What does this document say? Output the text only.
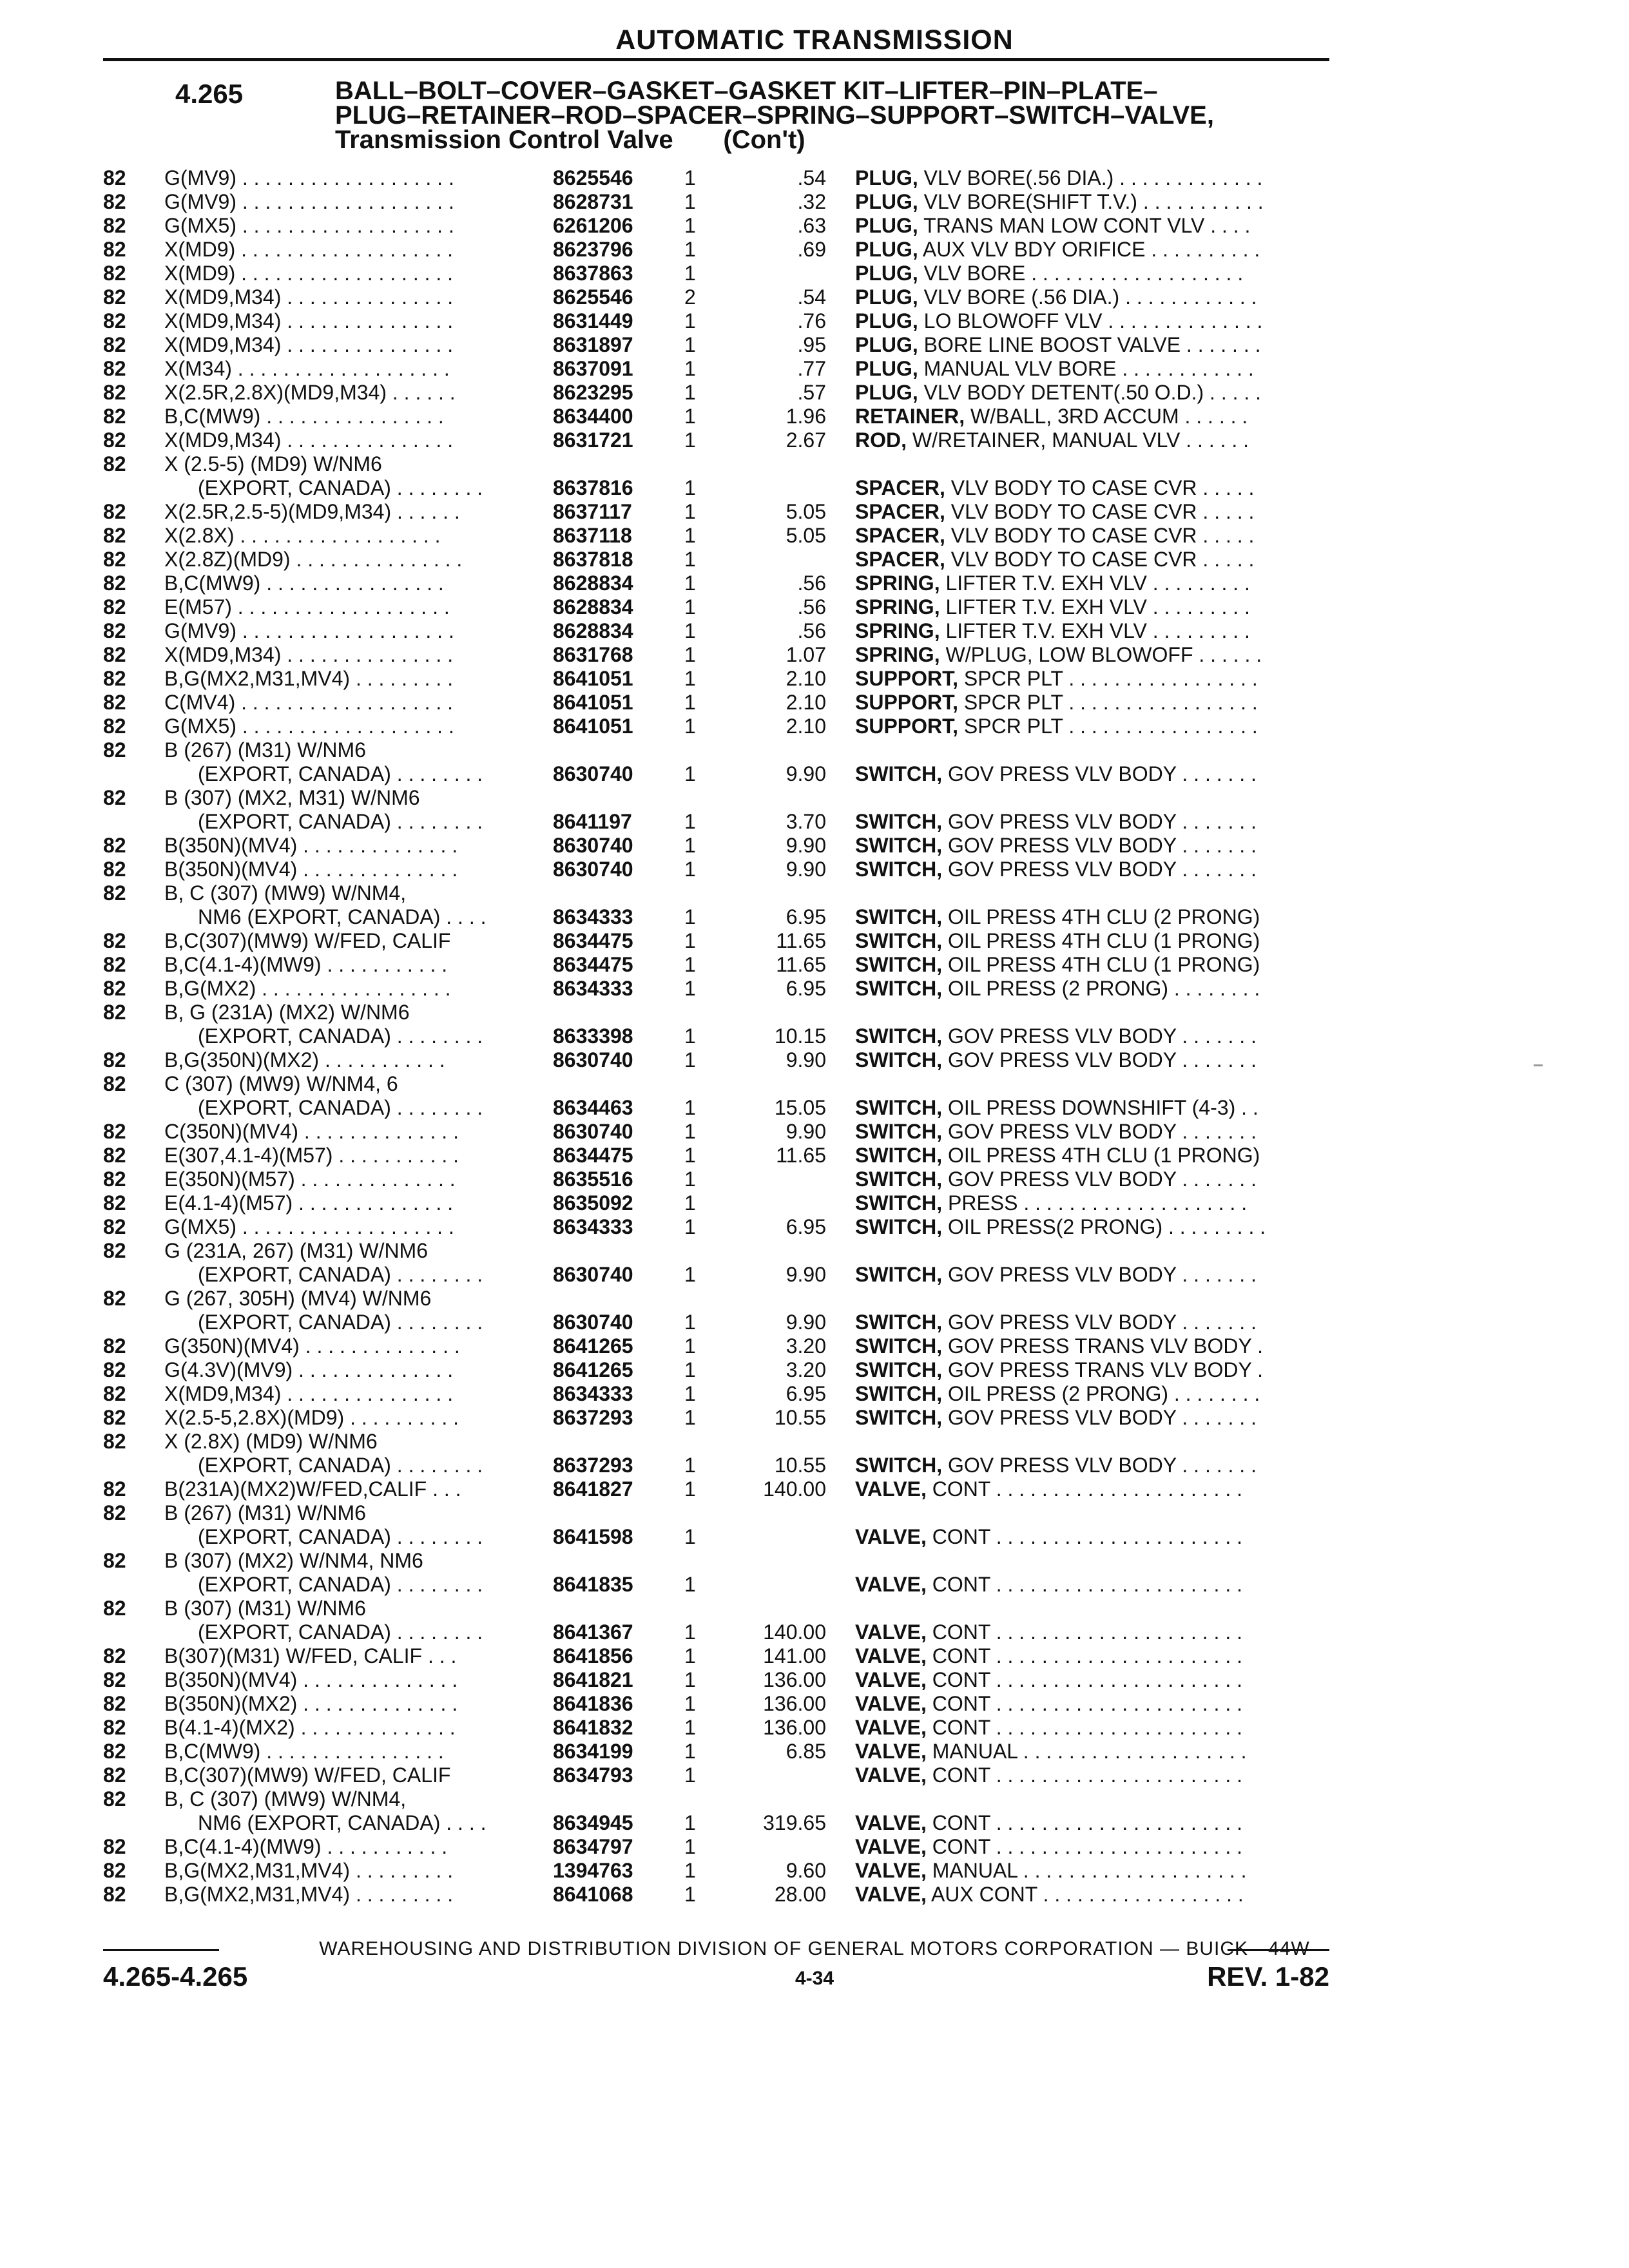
AUTOMATIC TRANSMISSION
4.265	BALL–BOLT–COVER–GASKET–GASKET KIT–LIFTER–PIN–PLATE–
PLUG–RETAINER–ROD–SPACER–SPRING–SUPPORT–SWITCH–VALVE,
Transmission Control Valve       (Con't)
82	G(MV9) . . . . . . . . . . . . . . . . . . .	8625546 1	.54 PLUG, VLV BORE(.56 DIA.) . . . . . . . . . . . . .
82	G(MV9) . . . . . . . . . . . . . . . . . . .	8628731 1	.32 PLUG, VLV BORE(SHIFT T.V.) . . . . . . . . . . .
82	G(MX5) . . . . . . . . . . . . . . . . . . .	6261206 1	.63 PLUG, TRANS MAN LOW CONT VLV . . . .
82	X(MD9) . . . . . . . . . . . . . . . . . . .	8623796 1	.69 PLUG, AUX VLV BDY ORIFICE . . . . . . . . . .
82	X(MD9) . . . . . . . . . . . . . . . . . . .	8637863 1	PLUG, VLV BORE . . . . . . . . . . . . . . . . . . .
82	X(MD9,M34) . . . . . . . . . . . . . . .	8625546 2	.54 PLUG, VLV BORE (.56 DIA.) . . . . . . . . . . . .
82	X(MD9,M34) . . . . . . . . . . . . . . .	8631449 1	.76 PLUG, LO BLOWOFF VLV . . . . . . . . . . . . . .
82	X(MD9,M34) . . . . . . . . . . . . . . .	8631897 1	.95 PLUG, BORE LINE BOOST VALVE . . . . . . .
82	X(M34) . . . . . . . . . . . . . . . . . . .	8637091 1	.77 PLUG, MANUAL VLV BORE . . . . . . . . . . . .
82	X(2.5R,2.8X)(MD9,M34) . . . . . .	8623295 1	.57 PLUG, VLV BODY DETENT(.50 O.D.) . . . . .
82	B,C(MW9) . . . . . . . . . . . . . . . .	8634400 1	1.96 RETAINER, W/BALL, 3RD ACCUM . . . . . .
82	X(MD9,M34) . . . . . . . . . . . . . . .	8631721 1	2.67 ROD, W/RETAINER, MANUAL VLV . . . . . .
82	X (2.5-5) (MD9) W/NM6
(EXPORT, CANADA) . . . . . . . .	8637816 1	SPACER, VLV BODY TO CASE CVR . . . . .
82	X(2.5R,2.5-5)(MD9,M34) . . . . . .	8637117	1	5.05 SPACER, VLV BODY TO CASE CVR . . . . .
82	X(2.8X) . . . . . . . . . . . . . . . . . .	8637118	1	5.05 SPACER, VLV BODY TO CASE CVR . . . . .
82	X(2.8Z)(MD9) . . . . . . . . . . . . . . .	8637818 1	SPACER, VLV BODY TO CASE CVR . . . . .
82	B,C(MW9) . . . . . . . . . . . . . . . .	8628834 1	.56 SPRING, LIFTER T.V. EXH VLV . . . . . . . . .
82	E(M57) . . . . . . . . . . . . . . . . . . .	8628834 1	.56 SPRING, LIFTER T.V. EXH VLV . . . . . . . . .
82	G(MV9) . . . . . . . . . . . . . . . . . . .	8628834 1	.56 SPRING, LIFTER T.V. EXH VLV . . . . . . . . .
82	X(MD9,M34) . . . . . . . . . . . . . . .	8631768 1	1.07 SPRING, W/PLUG, LOW BLOWOFF . . . . . .
82	B,G(MX2,M31,MV4) . . . . . . . . .	8641051 1	2.10 SUPPORT, SPCR PLT . . . . . . . . . . . . . . . . .
82	C(MV4) . . . . . . . . . . . . . . . . . . .	8641051 1	2.10 SUPPORT, SPCR PLT . . . . . . . . . . . . . . . . .
82	G(MX5) . . . . . . . . . . . . . . . . . . .	8641051 1	2.10 SUPPORT, SPCR PLT . . . . . . . . . . . . . . . . .
82	B (267) (M31) W/NM6
(EXPORT, CANADA) . . . . . . . .	8630740 1	9.90 SWITCH, GOV PRESS VLV BODY . . . . . . .
82	B (307) (MX2, M31) W/NM6
(EXPORT, CANADA) . . . . . . . .	8641197	1	3.70 SWITCH, GOV PRESS VLV BODY . . . . . . .
82	B(350N)(MV4) . . . . . . . . . . . . . .	8630740 1	9.90 SWITCH, GOV PRESS VLV BODY . . . . . . .
82	B(350N)(MV4) . . . . . . . . . . . . . .	8630740 1	9.90 SWITCH, GOV PRESS VLV BODY . . . . . . .
82	B, C (307) (MW9) W/NM4,
NM6 (EXPORT, CANADA) . . . .	8634333 1	6.95 SWITCH, OIL PRESS 4TH CLU (2 PRONG)
82	B,C(307)(MW9) W/FED, CALIF	8634475 1	11.65 SWITCH, OIL PRESS 4TH CLU (1 PRONG)
82	B,C(4.1-4)(MW9) . . . . . . . . . . .	8634475 1	11.65 SWITCH, OIL PRESS 4TH CLU (1 PRONG)
82	B,G(MX2) . . . . . . . . . . . . . . . . .	8634333 1	6.95 SWITCH, OIL PRESS (2 PRONG) . . . . . . . .
82	B, G (231A) (MX2) W/NM6
(EXPORT, CANADA) . . . . . . . .	8633398 1	10.15 SWITCH, GOV PRESS VLV BODY . . . . . . .
82	B,G(350N)(MX2) . . . . . . . . . . .	8630740 1	9.90 SWITCH, GOV PRESS VLV BODY . . . . . . .
82	C (307) (MW9) W/NM4, 6
(EXPORT, CANADA) . . . . . . . .	8634463 1	15.05 SWITCH, OIL PRESS DOWNSHIFT (4-3) . .
82	C(350N)(MV4) . . . . . . . . . . . . . .	8630740 1	9.90 SWITCH, GOV PRESS VLV BODY . . . . . . .
82	E(307,4.1-4)(M57) . . . . . . . . . . .	8634475 1	11.65 SWITCH, OIL PRESS 4TH CLU (1 PRONG)
82	E(350N)(M57) . . . . . . . . . . . . . .	8635516 1	SWITCH, GOV PRESS VLV BODY . . . . . . .
82	E(4.1-4)(M57) . . . . . . . . . . . . . .	8635092 1	SWITCH, PRESS . . . . . . . . . . . . . . . . . . . .
82	G(MX5) . . . . . . . . . . . . . . . . . . .	8634333 1	6.95 SWITCH, OIL PRESS(2 PRONG) . . . . . . . . .
82	G (231A, 267) (M31) W/NM6
(EXPORT, CANADA) . . . . . . . .	8630740 1	9.90 SWITCH, GOV PRESS VLV BODY . . . . . . .
82	G (267, 305H) (MV4) W/NM6
(EXPORT, CANADA) . . . . . . . .	8630740 1	9.90 SWITCH, GOV PRESS VLV BODY . . . . . . .
82	G(350N)(MV4) . . . . . . . . . . . . . .	8641265 1	3.20 SWITCH, GOV PRESS TRANS VLV BODY .
82	G(4.3V)(MV9) . . . . . . . . . . . . . .	8641265 1	3.20 SWITCH, GOV PRESS TRANS VLV BODY .
82	X(MD9,M34) . . . . . . . . . . . . . . .	8634333 1	6.95 SWITCH, OIL PRESS (2 PRONG) . . . . . . . .
82	X(2.5-5,2.8X)(MD9) . . . . . . . . . .	8637293 1	10.55 SWITCH, GOV PRESS VLV BODY . . . . . . .
82	X (2.8X) (MD9) W/NM6
(EXPORT, CANADA) . . . . . . . .	8637293 1	10.55 SWITCH, GOV PRESS VLV BODY . . . . . . .
82	B(231A)(MX2)W/FED,CALIF . . .	8641827 1	140.00 VALVE, CONT . . . . . . . . . . . . . . . . . . . . . .
82	B (267) (M31) W/NM6
(EXPORT, CANADA) . . . . . . . .	8641598 1	VALVE, CONT . . . . . . . . . . . . . . . . . . . . . .
82	B (307) (MX2) W/NM4, NM6
(EXPORT, CANADA) . . . . . . . .	8641835 1	VALVE, CONT . . . . . . . . . . . . . . . . . . . . . .
82	B (307) (M31) W/NM6
(EXPORT, CANADA) . . . . . . . .	8641367 1	140.00 VALVE, CONT . . . . . . . . . . . . . . . . . . . . . .
82	B(307)(M31) W/FED, CALIF . . .	8641856 1	141.00 VALVE, CONT . . . . . . . . . . . . . . . . . . . . . .
82	B(350N)(MV4) . . . . . . . . . . . . . .	8641821 1	136.00 VALVE, CONT . . . . . . . . . . . . . . . . . . . . . .
82	B(350N)(MX2) . . . . . . . . . . . . . .	8641836 1	136.00 VALVE, CONT . . . . . . . . . . . . . . . . . . . . . .
82	B(4.1-4)(MX2) . . . . . . . . . . . . . .	8641832 1	136.00 VALVE, CONT . . . . . . . . . . . . . . . . . . . . . .
82	B,C(MW9) . . . . . . . . . . . . . . . .	8634199 1	6.85 VALVE, MANUAL . . . . . . . . . . . . . . . . . . . .
82	B,C(307)(MW9) W/FED, CALIF	8634793 1	VALVE, CONT . . . . . . . . . . . . . . . . . . . . . .
82	B, C (307) (MW9) W/NM4,
NM6 (EXPORT, CANADA) . . . .	8634945 1	319.65 VALVE, CONT . . . . . . . . . . . . . . . . . . . . . .
82	B,C(4.1-4)(MW9) . . . . . . . . . . .	8634797 1	VALVE, CONT . . . . . . . . . . . . . . . . . . . . . .
82	B,G(MX2,M31,MV4) . . . . . . . . .	1394763 1	9.60 VALVE, MANUAL . . . . . . . . . . . . . . . . . . . .
82	B,G(MX2,M31,MV4) . . . . . . . . .	8641068 1	28.00 VALVE, AUX CONT . . . . . . . . . . . . . . . . . .
WAREHOUSING AND DISTRIBUTION DIVISION OF GENERAL MOTORS CORPORATION — BUICK—44W
4.265-4.265	4-34	REV. 1-82
